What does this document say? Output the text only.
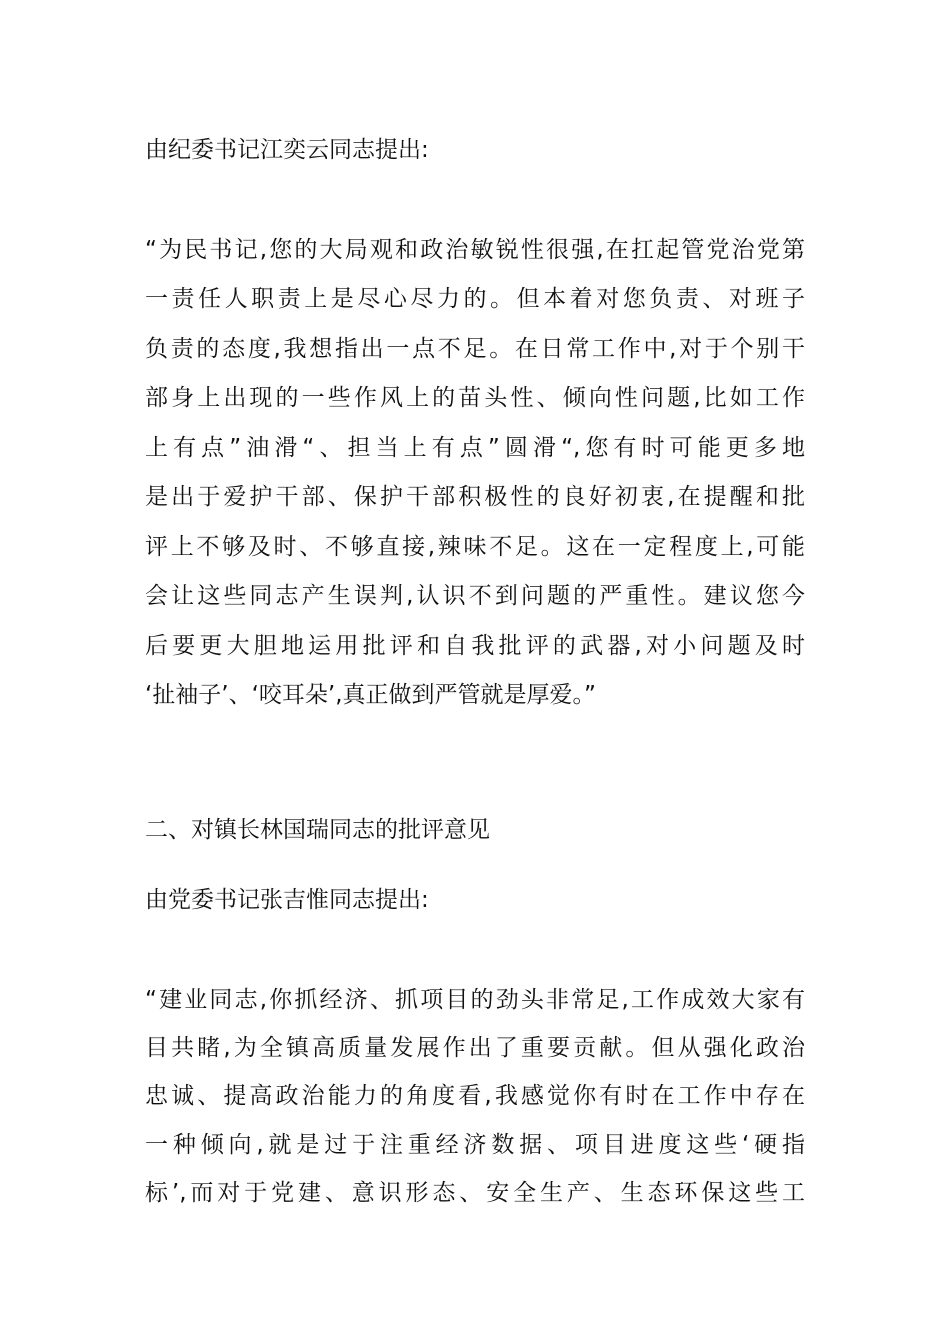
由纪委书记江奕云同志提出:
“为民书记,您的大局观和政治敏锐性很强,在扛起管党治党第
一责任人职责上是尽心尽力的。但本着对您负责、对班子
负责的态度,我想指出一点不足。在日常工作中,对于个别干
部身上出现的一些作风上的苗头性、倾向性问题,比如工作
上有点”油滑“、担当上有点”圆滑“,您有时可能更多地
是出于爱护干部、保护干部积极性的良好初衷,在提醒和批
评上不够及时、不够直接,辣味不足。这在一定程度上,可能
会让这些同志产生误判,认识不到问题的严重性。建议您今
后要更大胆地运用批评和自我批评的武器,对小问题及时
‘扯袖子’、‘咬耳朵’,真正做到严管就是厚爱。”
二、对镇长林国瑞同志的批评意见
由党委书记张吉惟同志提出:
“建业同志,你抓经济、抓项目的劲头非常足,工作成效大家有
目共睹,为全镇高质量发展作出了重要贡献。但从强化政治
忠诚、提高政治能力的角度看,我感觉你有时在工作中存在
一种倾向,就是过于注重经济数据、项目进度这些‘硬指
标’,而对于党建、意识形态、安全生产、生态环保这些工
